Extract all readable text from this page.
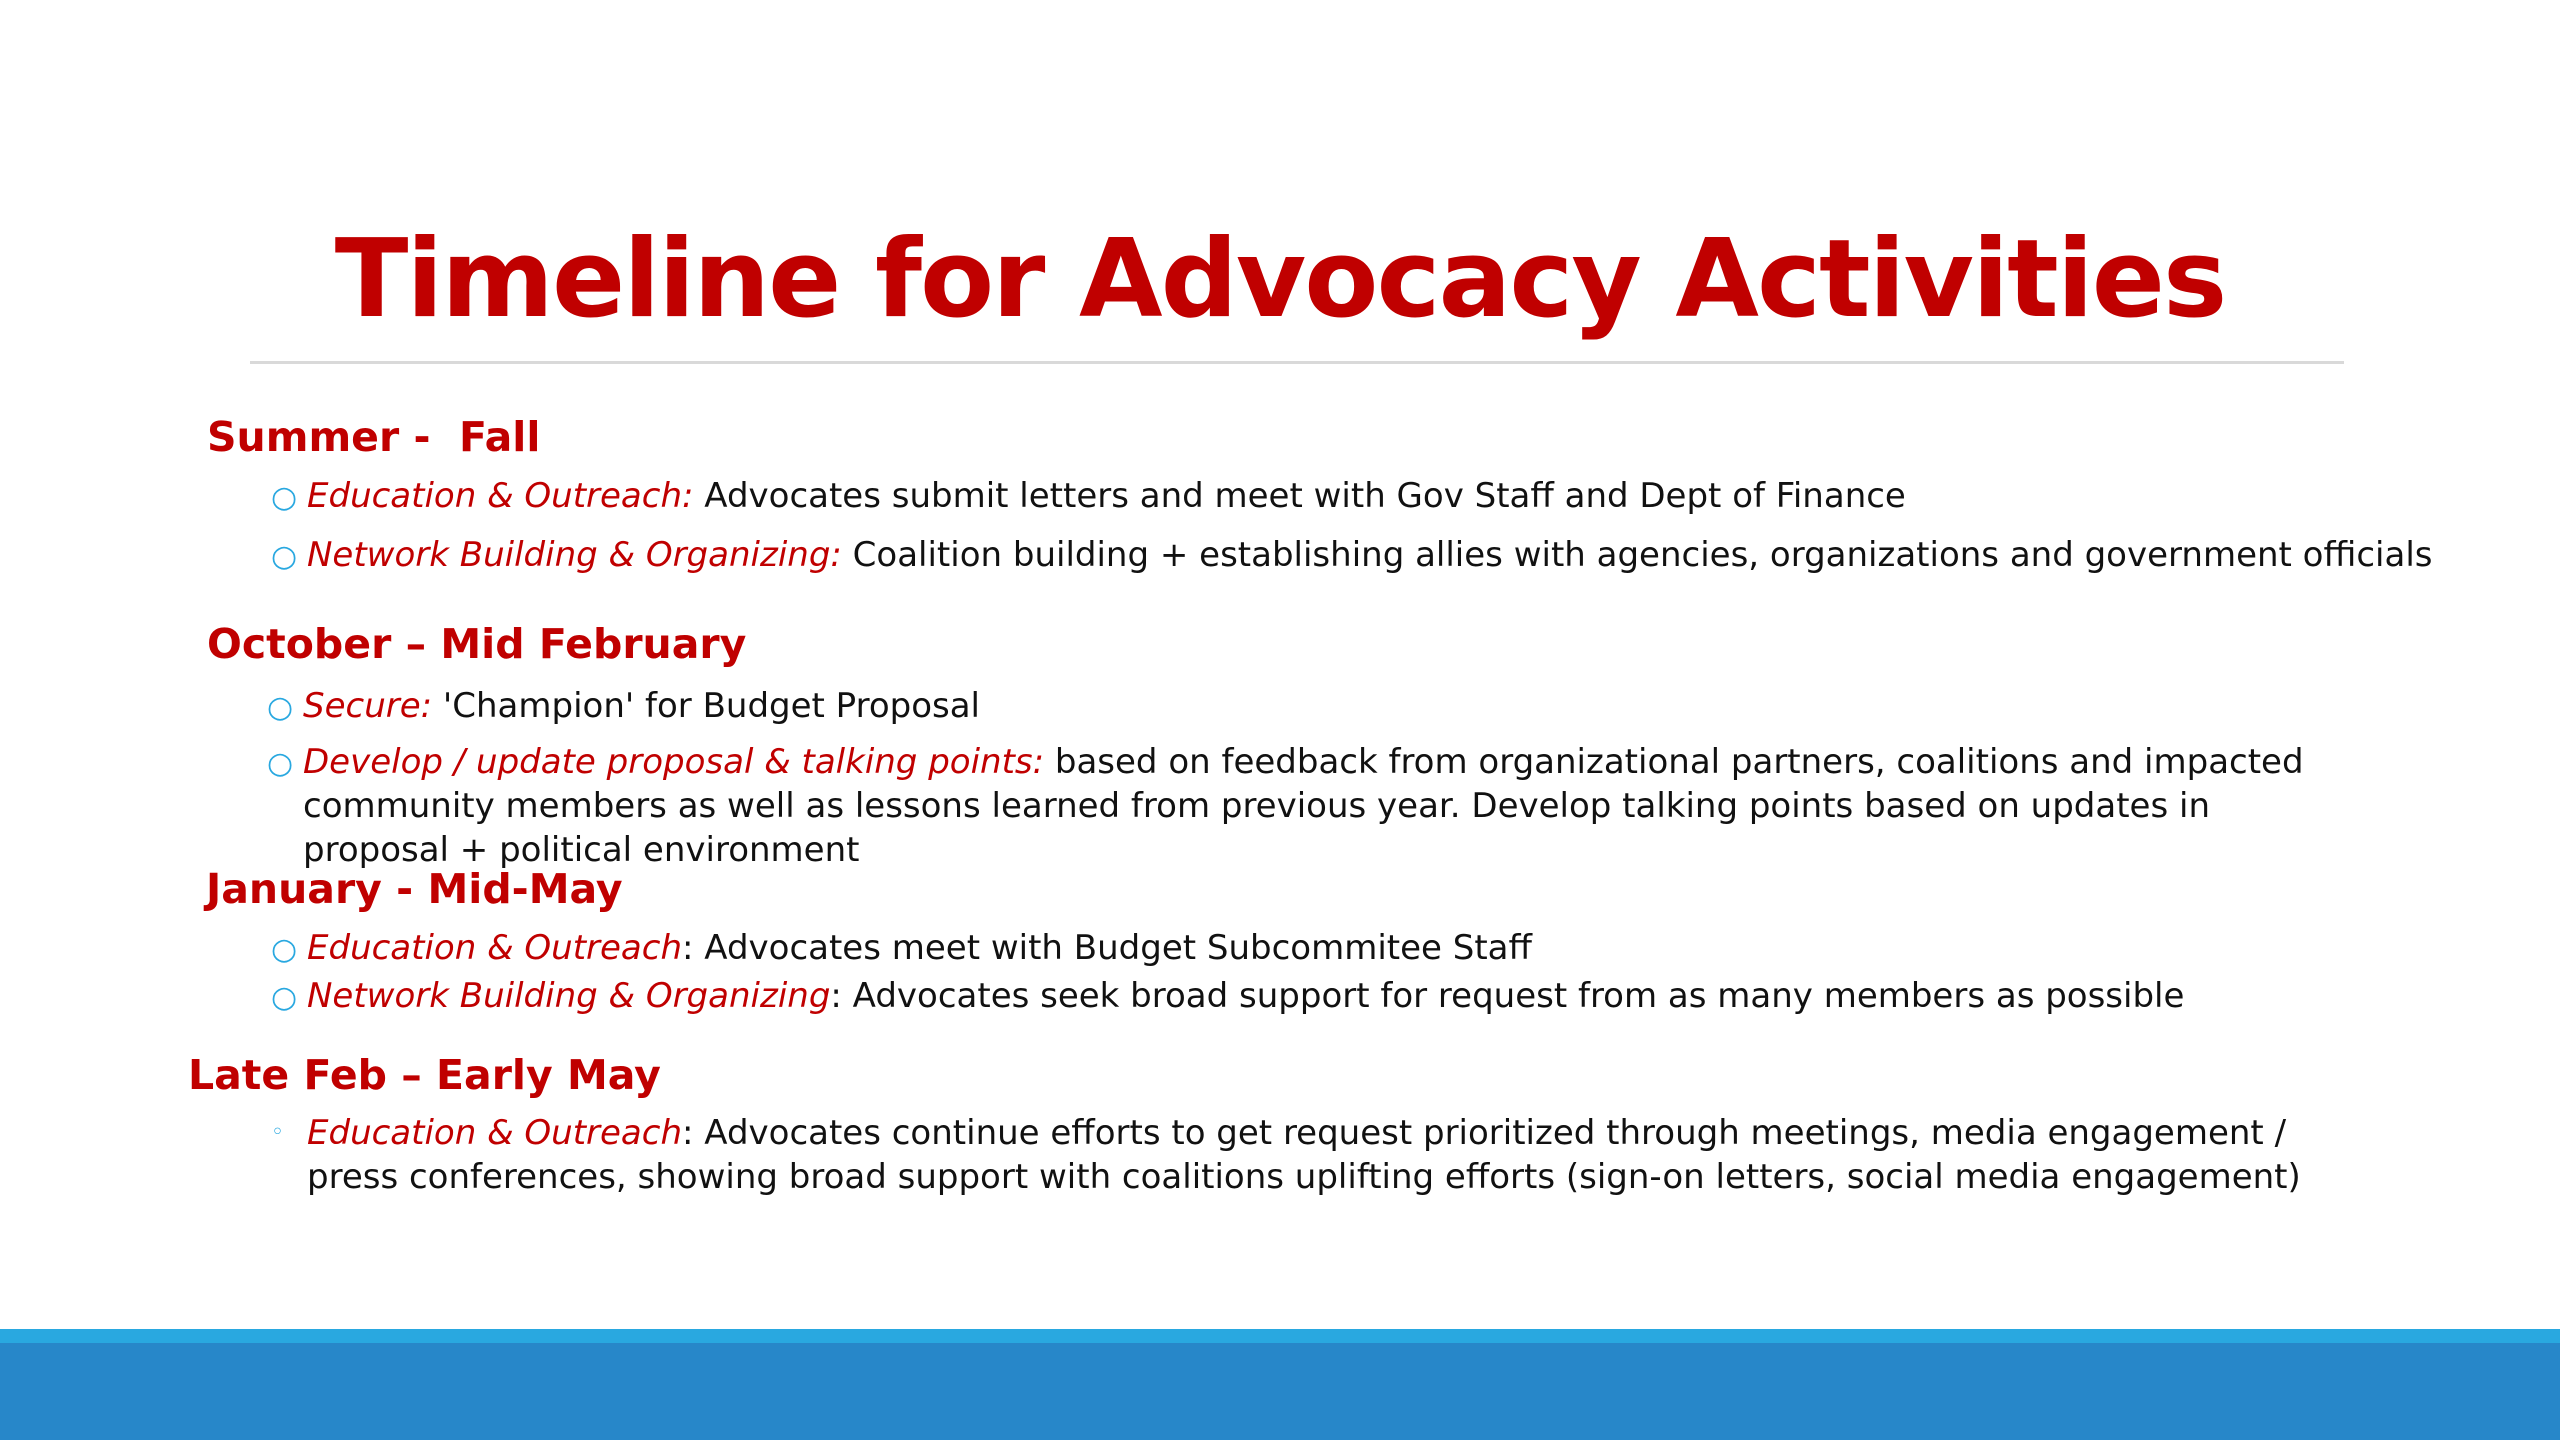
Timeline for Advocacy Activities
Summer -  Fall
○ Education & Outreach: Advocates submit letters and meet with Gov Staff and Dept of Finance
○ Network Building & Organizing: Coalition building + establishing allies with agencies, organizations and government officials
October – Mid February
○ Secure: 'Champion' for Budget Proposal
○ Develop / update proposal & talking points: based on feedback from organizational partners, coalitions and impacted community members as well as lessons learned from previous year. Develop talking points based on updates in proposal + political environment
January - Mid-May
○ Education & Outreach: Advocates meet with Budget Subcommitee Staff
○ Network Building & Organizing: Advocates seek broad support for request from as many members as possible
Late Feb – Early May
◦ Education & Outreach: Advocates continue efforts to get request prioritized through meetings, media engagement / press conferences, showing broad support with coalitions uplifting efforts (sign-on letters, social media engagement)
